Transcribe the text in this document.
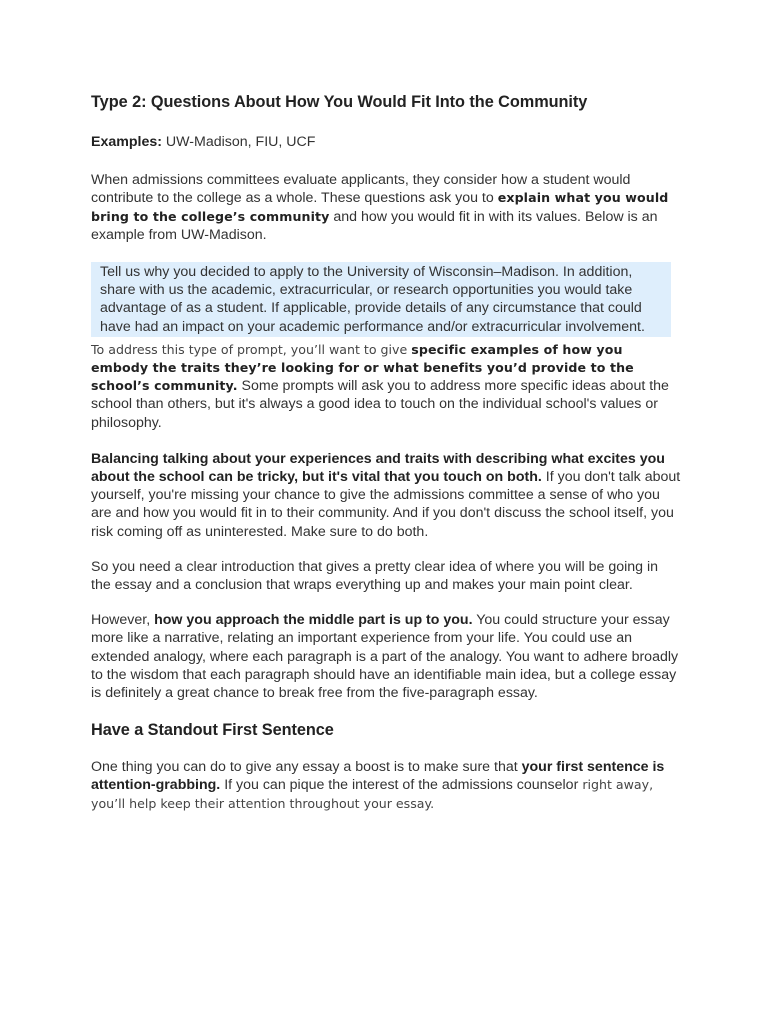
Type 2: Questions About How You Would Fit Into the Community

Examples: UW-Madison, FIU, UCF

When admissions committees evaluate applicants, they consider how a student would contribute to the college as a whole. These questions ask you to explain what you would bring to the college’s community and how you would fit in with its values. Below is an example from UW-Madison.

Tell us why you decided to apply to the University of Wisconsin–Madison. In addition, share with us the academic, extracurricular, or research opportunities you would take advantage of as a student. If applicable, provide details of any circumstance that could have had an impact on your academic performance and/or extracurricular involvement.

To address this type of prompt, you’ll want to give specific examples of how you embody the traits they’re looking for or what benefits you’d provide to the school’s community. Some prompts will ask you to address more specific ideas about the school than others, but it's always a good idea to touch on the individual school's values or philosophy.

Balancing talking about your experiences and traits with describing what excites you about the school can be tricky, but it's vital that you touch on both. If you don't talk about yourself, you're missing your chance to give the admissions committee a sense of who you are and how you would fit in to their community. And if you don't discuss the school itself, you risk coming off as uninterested. Make sure to do both.

So you need a clear introduction that gives a pretty clear idea of where you will be going in the essay and a conclusion that wraps everything up and makes your main point clear.

However, how you approach the middle part is up to you. You could structure your essay more like a narrative, relating an important experience from your life. You could use an extended analogy, where each paragraph is a part of the analogy. You want to adhere broadly to the wisdom that each paragraph should have an identifiable main idea, but a college essay is definitely a great chance to break free from the five-paragraph essay.

Have a Standout First Sentence

One thing you can do to give any essay a boost is to make sure that your first sentence is attention-grabbing. If you can pique the interest of the admissions counselor right away, you’ll help keep their attention throughout your essay.
